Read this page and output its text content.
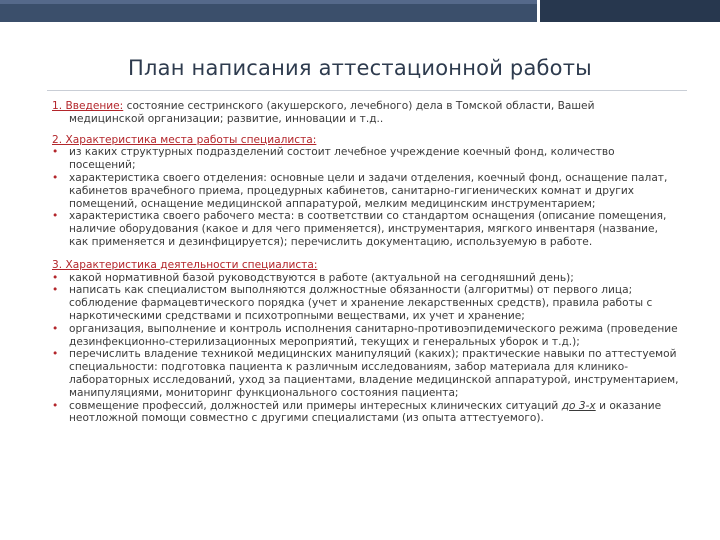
План написания аттестационной работы
1. Введение: состояние сестринского (акушерского, лечебного) дела в Томской области, Вашей
медицинской организации; развитие, инновации и т.д..
2. Характеристика места работы специалиста:
• из каких структурных подразделений состоит лечебное учреждение коечный фонд, количество посещений;
• характеристика своего отделения: основные цели и задачи отделения, коечный фонд, оснащение палат, кабинетов врачебного приема, процедурных кабинетов, санитарно-гигиенических комнат и других помещений, оснащение медицинской аппаратурой, мелким медицинским инструментарием;
• характеристика своего рабочего места: в соответствии со стандартом оснащения (описание помещения, наличие оборудования (какое и для чего применяется), инструментария, мягкого инвентаря (название, как применяется и дезинфицируется); перечислить документацию, используемую в работе.
3. Характеристика деятельности специалиста:
• какой нормативной базой руководствуются в работе (актуальной на сегодняшний день);
• написать как специалистом выполняются должностные обязанности (алгоритмы) от первого лица; соблюдение фармацевтического порядка (учет и хранение лекарственных средств), правила работы с наркотическими средствами и психотропными веществами, их учет и хранение;
• организация, выполнение и контроль исполнения санитарно-противоэпидемического режима (проведение дезинфекционно-стерилизационных мероприятий, текущих и генеральных уборок и т.д.);
• перечислить владение техникой медицинских манипуляций (каких); практические навыки по аттестуемой специальности: подготовка пациента к различным исследованиям, забор материала для клинико-лабораторных исследований, уход за пациентами, владение медицинской аппаратурой, инструментарием, манипуляциями, мониторинг функционального состояния пациента;
• совмещение профессий, должностей или примеры интересных клинических ситуаций до 3-х и оказание неотложной помощи совместно с другими специалистами (из опыта аттестуемого).
